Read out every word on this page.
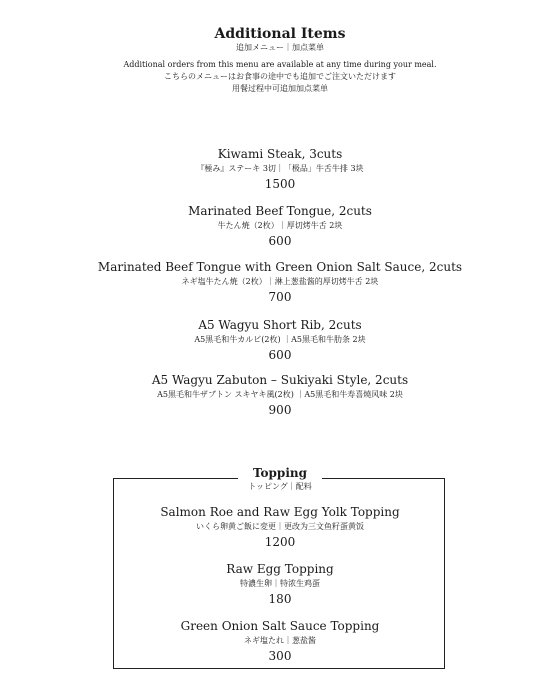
Additional Items
追加メニュー｜加点菜单
Additional orders from this menu are available at any time during your meal.
こちらのメニューはお食事の途中でも追加でご注文いただけます
用餐过程中可追加加点菜单
Kiwami Steak, 3cuts
『極み』ステーキ 3切｜「极品」牛舌牛排 3块
1500
Marinated Beef Tongue, 2cuts
牛たん焼（2枚）｜厚切烤牛舌 2块
600
Marinated Beef Tongue with Green Onion Salt Sauce, 2cuts
ネギ塩牛たん焼（2枚）｜淋上葱盐酱的厚切烤牛舌 2块
700
A5 Wagyu Short Rib, 2cuts
A5黒毛和牛カルビ(2枚) ｜A5黒毛和牛肋条 2块
600
A5 Wagyu Zabuton – Sukiyaki Style, 2cuts
A5黒毛和牛ザブトン スキヤキ風(2枚) ｜A5黒毛和牛寿喜燒风味 2块
900
Topping
トッピング｜配料
Salmon Roe and Raw Egg Yolk Topping
いくら卵黄ご飯に変更｜更改为三文鱼籽蛋黄饭
1200
Raw Egg Topping
特濃生卵｜特浓生鸡蛋
180
Green Onion Salt Sauce Topping
ネギ塩たれ｜葱盐酱
300
